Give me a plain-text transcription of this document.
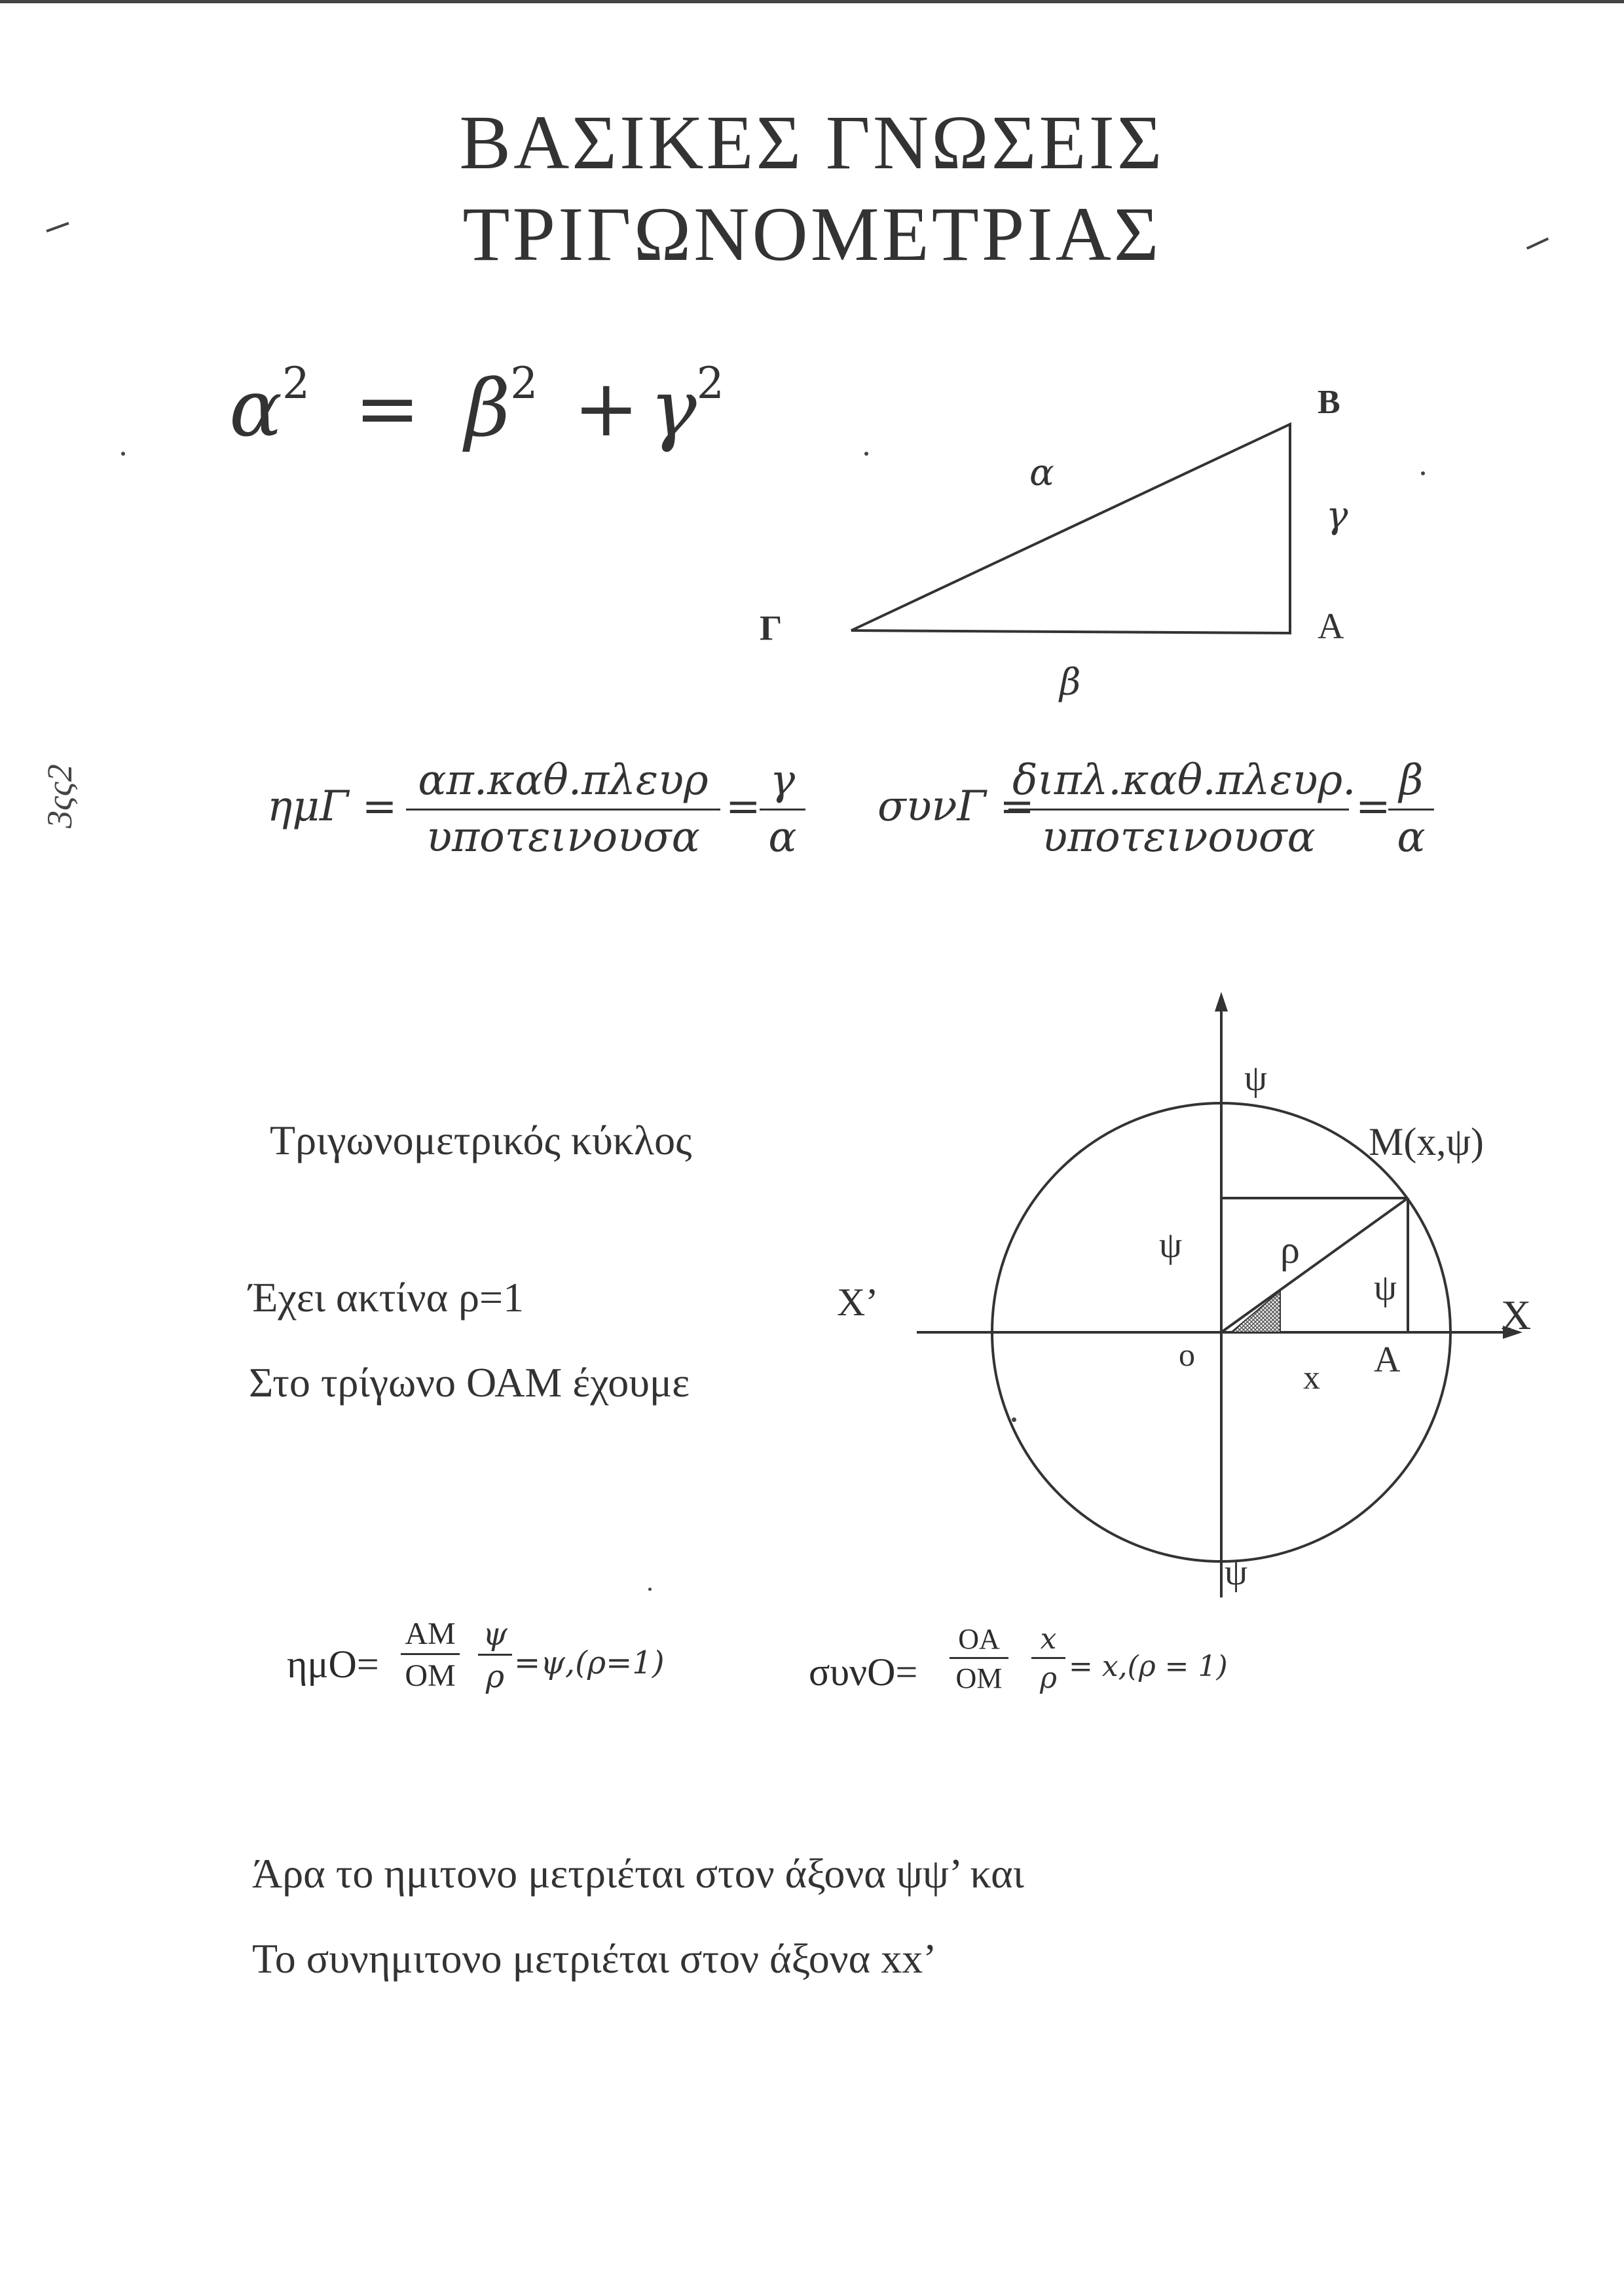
ΒΑΣΙΚΕΣ ΓΝΩΣΕΙΣ
ΤΡΙΓΩΝΟΜΕΤΡΙΑΣ
$\alpha^2 = \beta^2 + \gamma^2$	Β
Α
Γ
α
γ
β
ημΓ =
απ.καθ.πλευρ
υποτεινουσα
=
$\frac{\gamma}{\alpha}$ συνΓ =
διπλ.καθ.πλευρ.
υποτεινουσα
=
$\frac{\beta}{\alpha}$
Τριγωνομετρικός κύκλος
Έχει ακτίνα ρ=1
Στο τρίγωνο ΟΑΜ έχουμε
ψ
M(x,ψ)
ψ ρ
ψ
X’	X
o
x A
ψ
$\eta\mu O= \frac{AM}{OM} \frac{\psi}{\rho} =\psi,(\rho=1)$	$\sigma\upsilon\nu O= \frac{OA}{OM} \frac{x}{\rho} = x,(\rho = 1)$
Άρα το ημιτονο μετριέται στον άξονα ψψ’ και
Το συνημιτονο μετριέται στον άξονα xx’
3ςς2
